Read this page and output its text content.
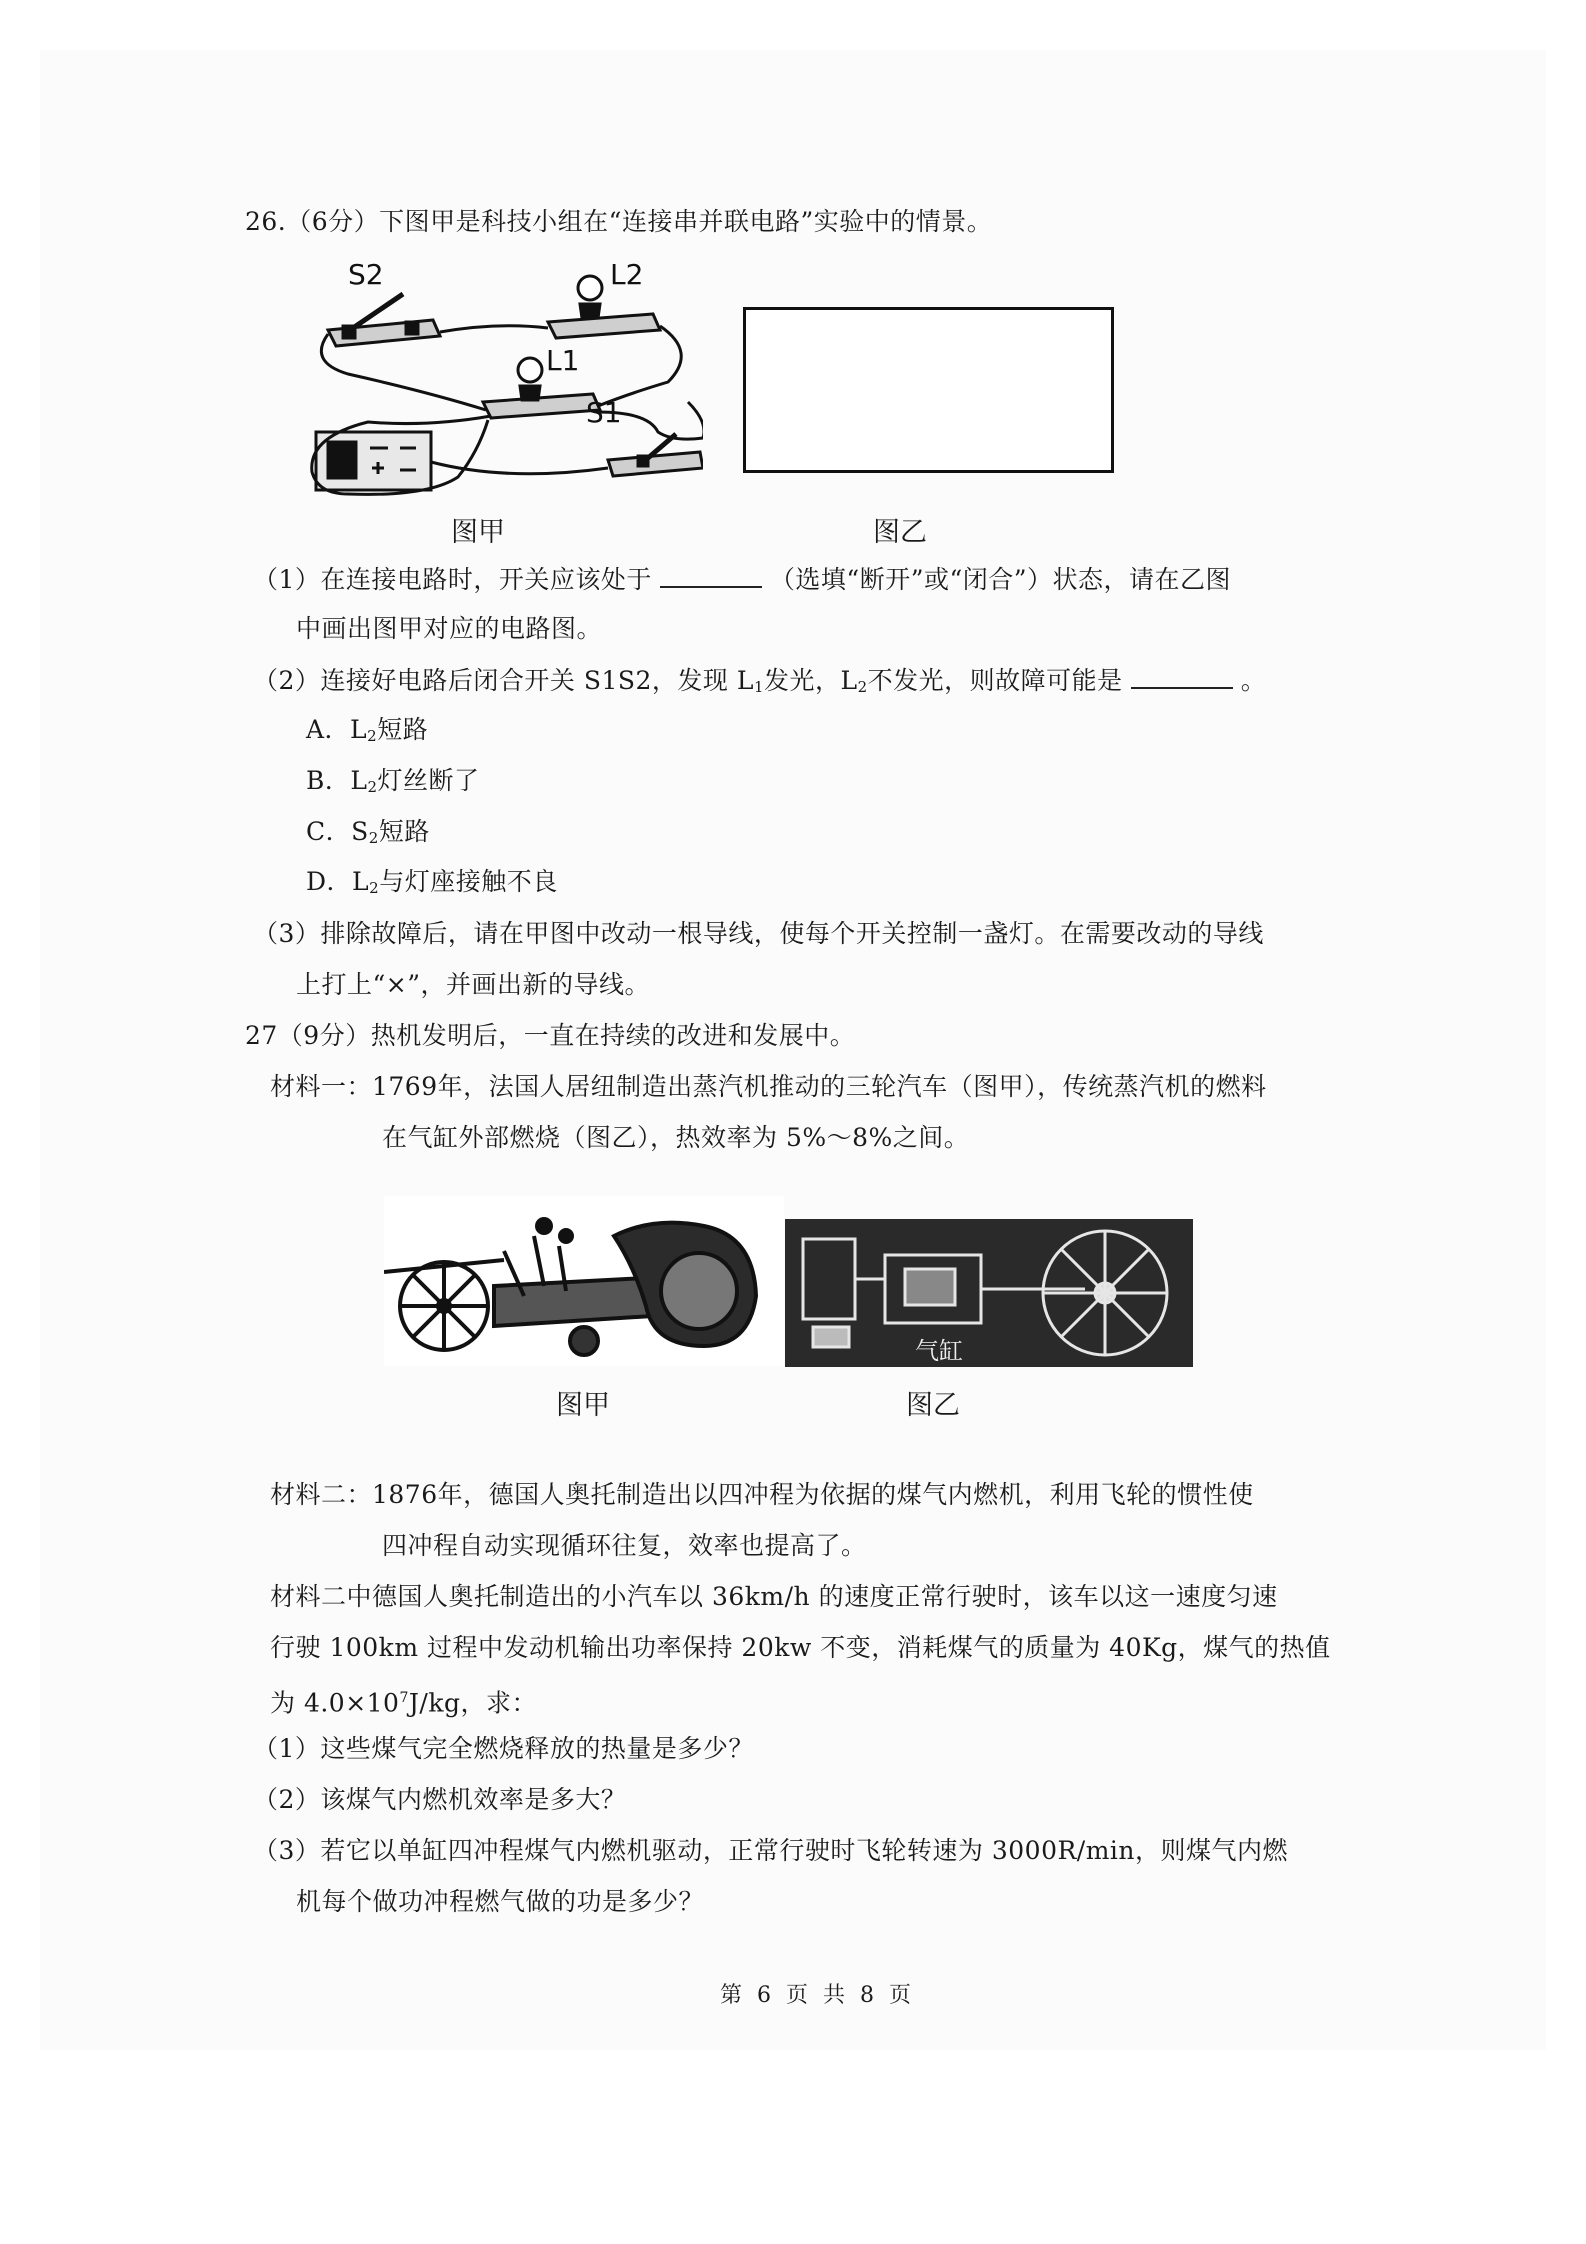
26.（6分）下图甲是科技小组在“连接串并联电路”实验中的情景。
S2	L2
L1
S1
图甲	图乙
（1）在连接电路时，开关应该处于	（选填“断开”或“闭合”）状态，请在乙图
中画出图甲对应的电路图。
（2）连接好电路后闭合开关 S1S2，发现 $L_1$发光，$L_2$不发光，则故障可能是	。
A．$L_2$短路
B．$L_2$灯丝断了
C．$S_2$短路
D．$L_2$与灯座接触不良
（3）排除故障后，请在甲图中改动一根导线，使每个开关控制一盏灯。在需要改动的导线
上打上“×”，并画出新的导线。
27（9分）热机发明后，一直在持续的改进和发展中。
材料一：1769年，法国人居纽制造出蒸汽机推动的三轮汽车（图甲），传统蒸汽机的燃料
在气缸外部燃烧（图乙），热效率为 5%～8%之间。
气缸
图甲	图乙
材料二：1876年，德国人奥托制造出以四冲程为依据的煤气内燃机，利用飞轮的惯性使
四冲程自动实现循环往复，效率也提高了。
材料二中德国人奥托制造出的小汽车以 36km/h 的速度正常行驶时，该车以这一速度匀速
行驶 100km 过程中发动机输出功率保持 20kw 不变，消耗煤气的质量为 40Kg，煤气的热值
为 $4.0\times 10^7J/kg$，求：
（1）这些煤气完全燃烧释放的热量是多少？
（2）该煤气内燃机效率是多大？
（3）若它以单缸四冲程煤气内燃机驱动，正常行驶时飞轮转速为 3000R/min，则煤气内燃
机每个做功冲程燃气做的功是多少？
第 6 页 共 8 页
